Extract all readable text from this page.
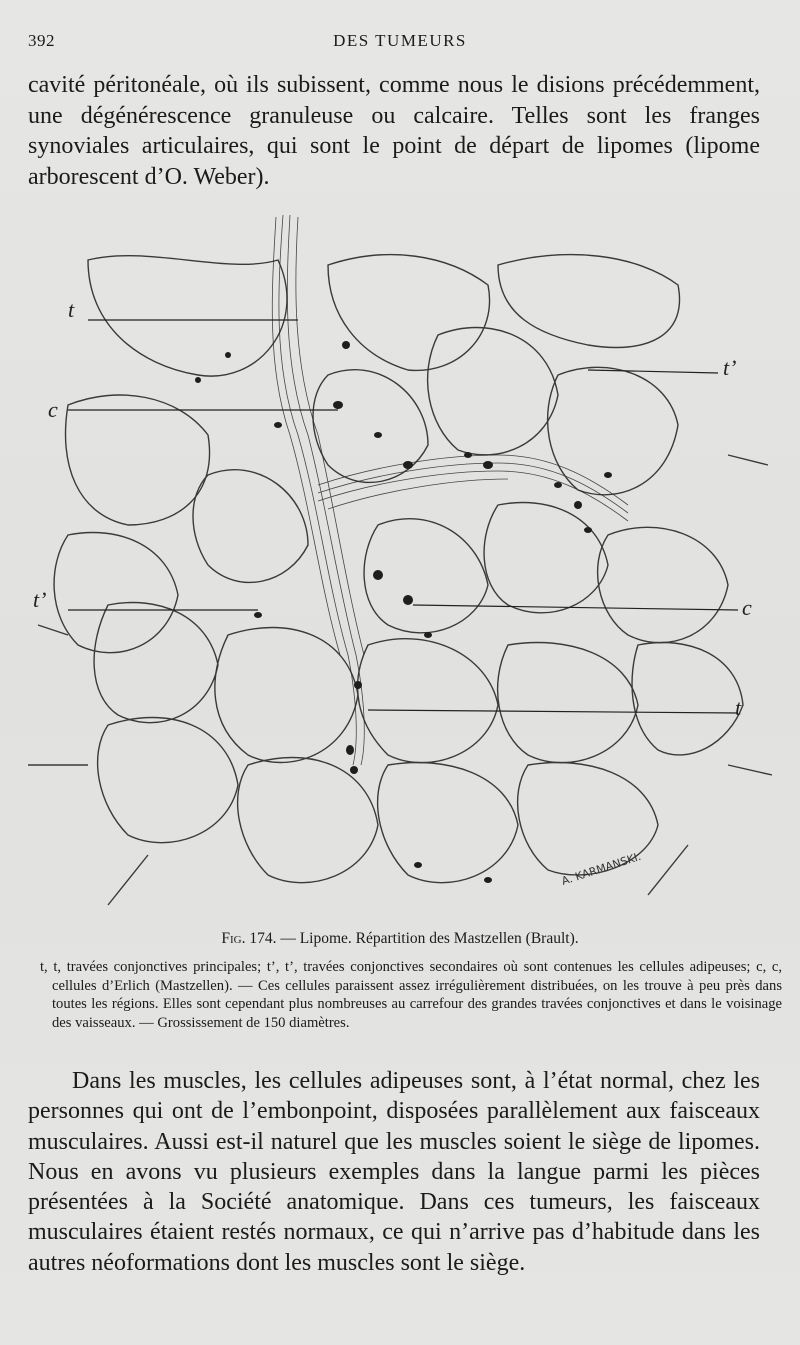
392	DES TUMEURS
cavité péritonéale, où ils subissent, comme nous le disions précédemment, une dégénérescence granuleuse ou calcaire. Telles sont les franges synoviales articulaires, qui sont le point de départ de lipomes (lipome arborescent d’O. Weber).
t
c
t’
t’
c
t
A. KARMANSKI.
Fig. 174. — Lipome. Répartition des Mastzellen (Brault).
t, t, travées conjonctives principales; t’, t’, travées conjonctives secondaires où sont contenues les cellules adipeuses; c, c, cellules d’Erlich (Mastzellen). — Ces cellules paraissent assez irrégulièrement distribuées, on les trouve à peu près dans toutes les régions. Elles sont cependant plus nombreuses au carrefour des grandes travées conjonctives et dans le voisinage des vaisseaux. — Grossissement de 150 diamètres.
Dans les muscles, les cellules adipeuses sont, à l’état normal, chez les personnes qui ont de l’embonpoint, disposées parallèlement aux faisceaux musculaires. Aussi est-il naturel que les muscles soient le siège de lipomes. Nous en avons vu plusieurs exemples dans la langue parmi les pièces présentées à la Société anatomique. Dans ces tumeurs, les faisceaux musculaires étaient restés normaux, ce qui n’arrive pas d’habitude dans les autres néoformations dont les muscles sont le siège.
